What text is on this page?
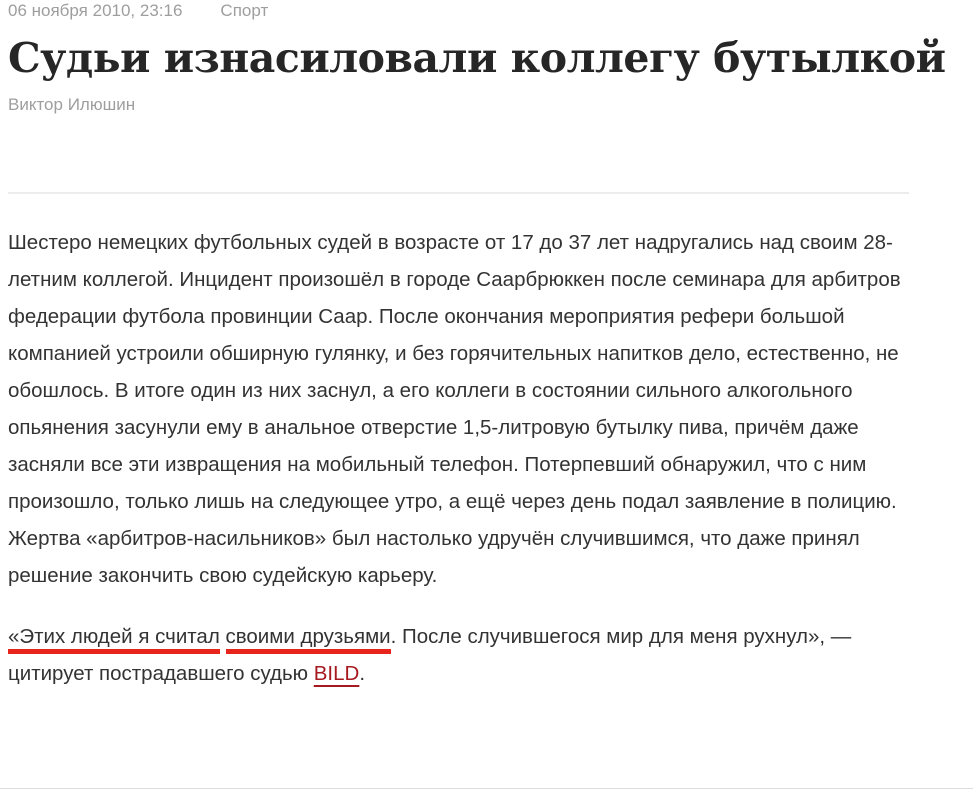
06 ноября 2010, 23:16 Спорт
Судьи изнасиловали коллегу бутылкой
Виктор Илюшин

Шестеро немецких футбольных судей в возрасте от 17 до 37 лет надругались над своим 28-летним коллегой. Инцидент произошёл в городе Саарбрюккен после семинара для арбитров федерации футбола провинции Саар. После окончания мероприятия рефери большой компанией устроили обширную гулянку, и без горячительных напитков дело, естественно, не обошлось. В итоге один из них заснул, а его коллеги в состоянии сильного алкогольного опьянения засунули ему в анальное отверстие 1,5-литровую бутылку пива, причём даже засняли все эти извращения на мобильный телефон. Потерпевший обнаружил, что с ним произошло, только лишь на следующее утро, а ещё через день подал заявление в полицию. Жертва «арбитров-насильников» был настолько удручён случившимся, что даже принял решение закончить свою судейскую карьеру.

«Этих людей я считал своими друзьями. После случившегося мир для меня рухнул», — цитирует пострадавшего судью BILD.
